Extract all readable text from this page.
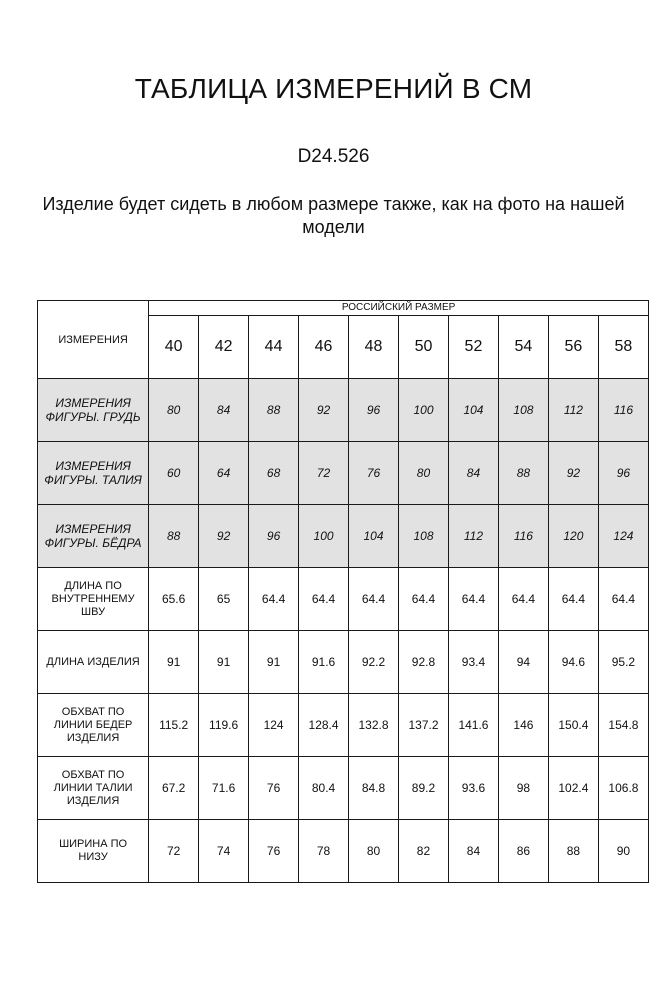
ТАБЛИЦА ИЗМЕРЕНИЙ В СМ
D24.526
Изделие будет сидеть в любом размере также, как на фото на нашей модели
ИЗМЕРЕНИЯ	РОССИЙСКИЙ РАЗМЕР									
	40	42	44	46	48	50	52	54	56	58
ИЗМЕРЕНИЯ
ФИГУРЫ. ГРУДЬ	80	84	88	92	96	100	104	108	112	116
ИЗМЕРЕНИЯ
ФИГУРЫ. ТАЛИЯ	60	64	68	72	76	80	84	88	92	96
ИЗМЕРЕНИЯ
ФИГУРЫ. БЁДРА	88	92	96	100	104	108	112	116	120	124
ДЛИНА ПО
ВНУТРЕННЕМУ
ШВУ	65.6	65	64.4	64.4	64.4	64.4	64.4	64.4	64.4	64.4
ДЛИНА ИЗДЕЛИЯ	91	91	91	91.6	92.2	92.8	93.4	94	94.6	95.2
ОБХВАТ ПО
ЛИНИИ БЕДЕР
ИЗДЕЛИЯ	115.2	119.6	124	128.4	132.8	137.2	141.6	146	150.4	154.8
ОБХВАТ ПО
ЛИНИИ ТАЛИИ
ИЗДЕЛИЯ	67.2	71.6	76	80.4	84.8	89.2	93.6	98	102.4	106.8
ШИРИНА ПО
НИЗУ	72	74	76	78	80	82	84	86	88	90
